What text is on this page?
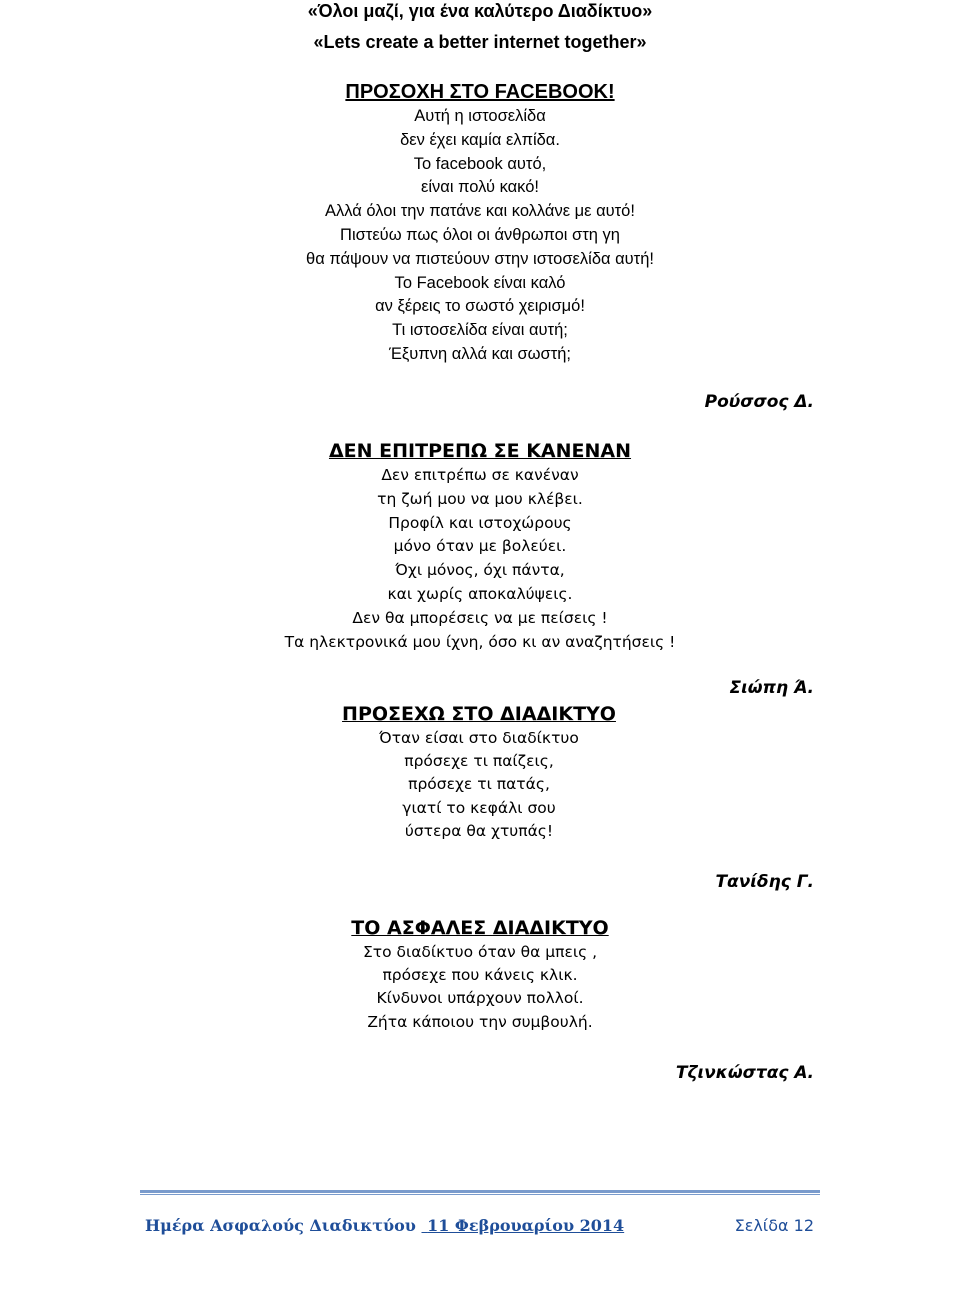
«Όλοι μαζί, για ένα καλύτερο Διαδίκτυο»
«Lets create a better internet together»
ΠΡΟΣΟΧΗ ΣΤΟ FACEBOOK!
Αυτή η ιστοσελίδα
δεν έχει καμία ελπίδα.
Το facebook αυτό,
είναι πολύ κακό!
Αλλά όλοι την πατάνε και κολλάνε με αυτό!
Πιστεύω πως όλοι οι άνθρωποι στη γη
θα πάψουν να πιστεύουν στην ιστοσελίδα αυτή!
Το Facebook είναι καλό
αν ξέρεις το σωστό χειρισμό!
Τι ιστοσελίδα είναι αυτή;
Έξυπνη αλλά και σωστή;
Ρούσσος Δ.
ΔΕΝ ΕΠΙΤΡΕΠΩ ΣΕ ΚΑΝΕΝΑΝ
Δεν επιτρέπω σε κανέναν
τη ζωή μου να μου κλέβει.
Προφίλ και ιστοχώρους
μόνο όταν με βολεύει.
Όχι μόνος, όχι πάντα,
και χωρίς αποκαλύψεις.
Δεν θα μπορέσεις να με πείσεις !
Τα ηλεκτρονικά μου ίχνη, όσο κι αν αναζητήσεις !
Σιώπη Ά.
ΠΡΟΣΕΧΩ ΣΤΟ ΔΙΑΔΙΚΤΥΟ
Όταν είσαι στο διαδίκτυο
πρόσεχε τι παίζεις,
πρόσεχε τι πατάς,
γιατί το κεφάλι σου
ύστερα θα χτυπάς!
Τανίδης Γ.
ΤΟ ΑΣΦΑΛΕΣ ΔΙΑΔΙΚΤΥΟ
Στο διαδίκτυο όταν θα μπεις ,
πρόσεχε που κάνεις κλικ.
Κίνδυνοι υπάρχουν πολλοί.
Ζήτα κάποιου την συμβουλή.
Τζινκώστας Α.
Ημέρα Ασφαλούς Διαδικτύου 11 Φεβρουαρίου 2014	Σελίδα 12
